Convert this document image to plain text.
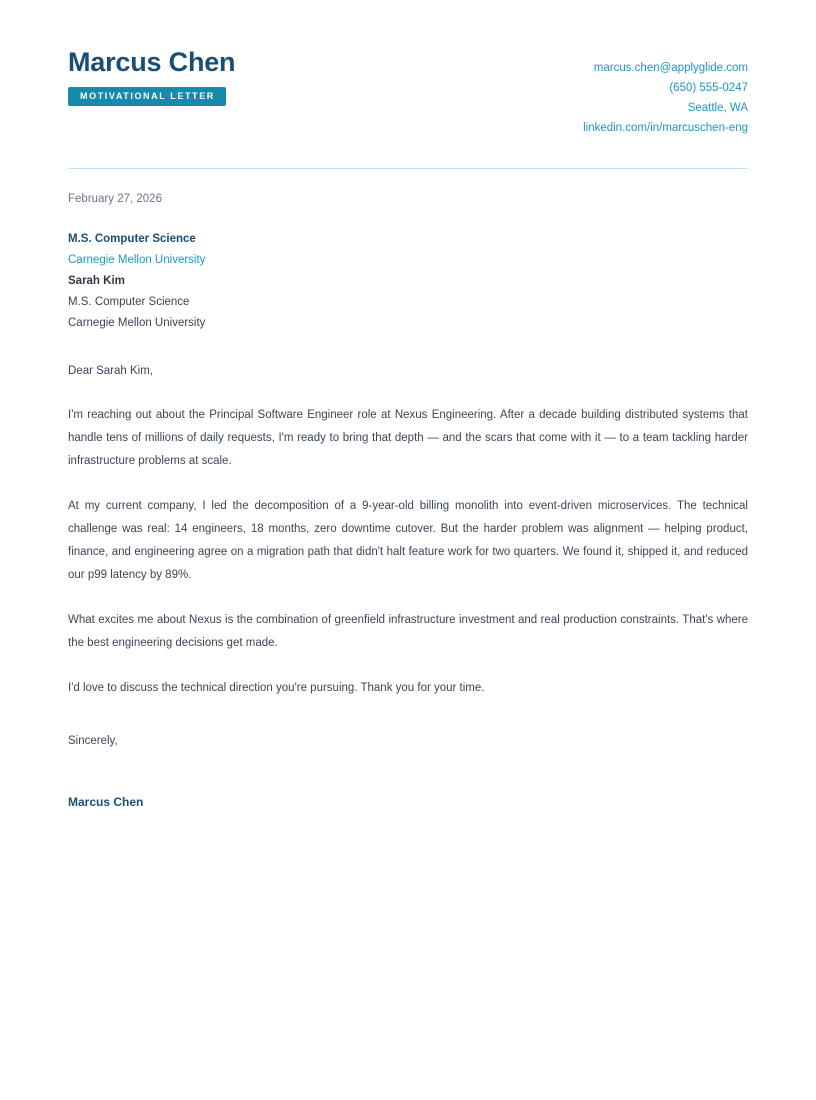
Marcus Chen
MOTIVATIONAL LETTER
marcus.chen@applyglide.com
(650) 555-0247
Seattle, WA
linkedin.com/in/marcuschen-eng
February 27, 2026
M.S. Computer Science
Carnegie Mellon University
Sarah Kim
M.S. Computer Science
Carnegie Mellon University
Dear Sarah Kim,
I'm reaching out about the Principal Software Engineer role at Nexus Engineering. After a decade building distributed systems that handle tens of millions of daily requests, I'm ready to bring that depth — and the scars that come with it — to a team tackling harder infrastructure problems at scale.
At my current company, I led the decomposition of a 9-year-old billing monolith into event-driven microservices. The technical challenge was real: 14 engineers, 18 months, zero downtime cutover. But the harder problem was alignment — helping product, finance, and engineering agree on a migration path that didn't halt feature work for two quarters. We found it, shipped it, and reduced our p99 latency by 89%.
What excites me about Nexus is the combination of greenfield infrastructure investment and real production constraints. That's where the best engineering decisions get made.
I'd love to discuss the technical direction you're pursuing. Thank you for your time.
Sincerely,
Marcus Chen
